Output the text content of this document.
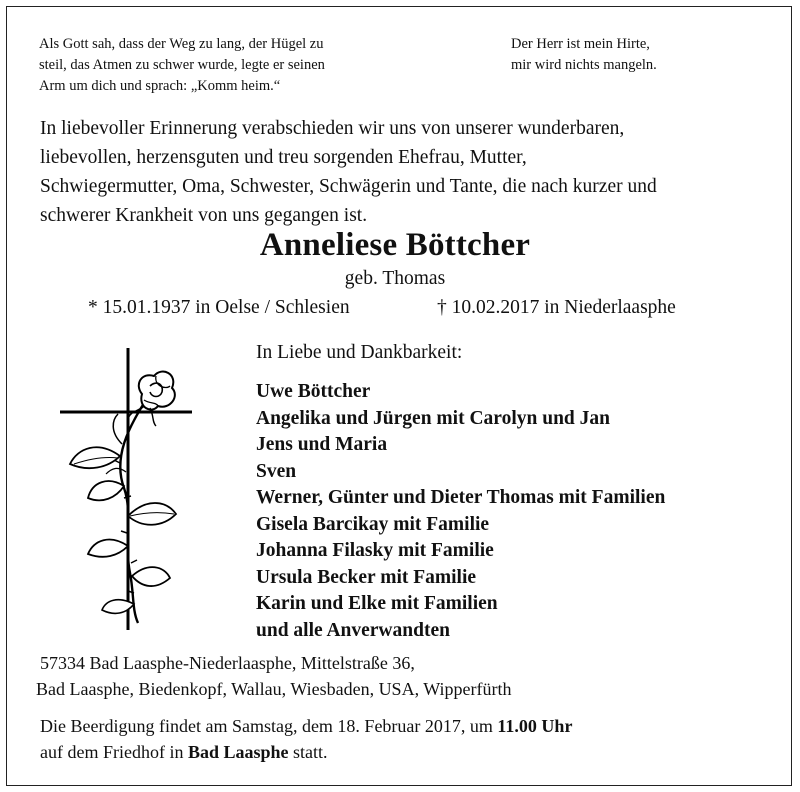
Als Gott sah, dass der Weg zu lang, der Hügel zu
steil, das Atmen zu schwer wurde, legte er seinen
Arm um dich und sprach: „Komm heim.“
Der Herr ist mein Hirte,
mir wird nichts mangeln.
In liebevoller Erinnerung verabschieden wir uns von unserer wunderbaren,
liebevollen, herzensguten und treu sorgenden Ehefrau, Mutter,
Schwiegermutter, Oma, Schwester, Schwägerin und Tante, die nach kurzer und
schwerer Krankheit von uns gegangen ist.
Anneliese Böttcher
geb. Thomas
* 15.01.1937 in Oelse / Schlesien	† 10.02.2017 in Niederlaasphe
In Liebe und Dankbarkeit:
Uwe Böttcher
Angelika und Jürgen mit Carolyn und Jan
Jens und Maria
Sven
Werner, Günter und Dieter Thomas mit Familien
Gisela Barcikay mit Familie
Johanna Filasky mit Familie
Ursula Becker mit Familie
Karin und Elke mit Familien
und alle Anverwandten
57334 Bad Laasphe-Niederlaasphe, Mittelstraße 36,
Bad Laasphe, Biedenkopf, Wallau, Wiesbaden, USA, Wipperfürth
Die Beerdigung findet am Samstag, dem 18. Februar 2017, um 11.00 Uhr
auf dem Friedhof in Bad Laasphe statt.
